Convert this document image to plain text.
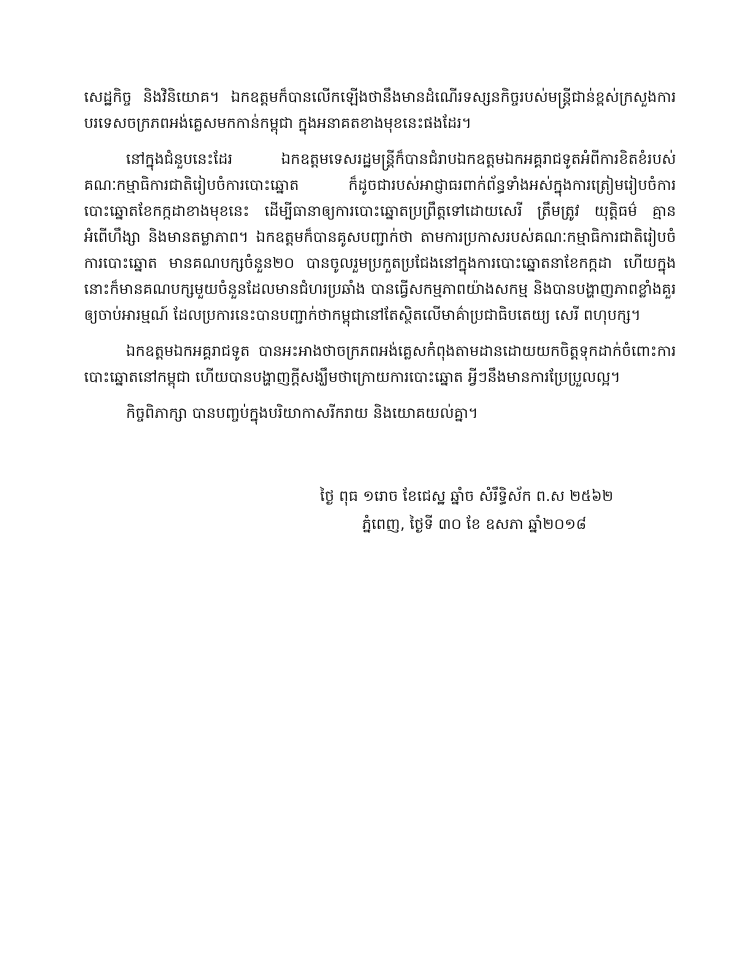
សេដ្ឋកិច្ច និងវិនិយោគ។ ឯកឧត្តមក៏បានលើកឡើងថានឹងមានដំណើរទស្សនកិច្ចរបស់មន្ត្រីជាន់ខ្ពស់ក្រសួងការបរទេសចក្រភពអង់គ្លេសមកកាន់កម្ពុជា ក្នុងអនាគតខាងមុខនេះផងដែរ។

នៅក្នុងជំនួបនេះដែរ ឯកឧត្តមទេសរដ្ឋមន្ត្រីក៏បានជំរាបឯកឧត្តមឯកអគ្គរាជទូតអំពីការខិតខំរបស់គណៈកម្មាធិការជាតិរៀបចំការបោះឆ្នោត ក៏ដូចជារបស់អាជ្ញាធរពាក់ព័ន្ធទាំងអស់ក្នុងការត្រៀមរៀបចំការបោះឆ្នោតខែកក្កដាខាងមុខនេះ ដើម្បីធានាឲ្យការបោះឆ្នោតប្រព្រឹត្តទៅដោយសេរី ត្រឹមត្រូវ យុត្តិធម៌ គ្មានអំពើហឹង្សា និងមានតម្លាភាព។ ឯកឧត្តមក៏បានគូសបញ្ជាក់ថា តាមការប្រកាសរបស់គណៈកម្មាធិការជាតិរៀបចំការបោះឆ្នោត មានគណបក្សចំនួន២០ បានចូលរួមប្រកួតប្រជែងនៅក្នុងការបោះឆ្នោតនាខែកក្កដា ហើយក្នុងនោះក៏មានគណបក្សមួយចំនួនដែលមានជំហរប្រឆាំង បានធ្វើសកម្មភាពយ៉ាងសកម្ម និងបានបង្ហាញភាពខ្លាំងគួរឲ្យចាប់អារម្មណ៍ ដែលប្រការនេះបានបញ្ជាក់ថាកម្ពុជានៅតែស្ថិតលើមាគ៌ាប្រជាធិបតេយ្យ សេរី ពហុបក្ស។

ឯកឧត្តមឯកអគ្គរាជទូត បានអះអាងថាចក្រភពអង់គ្លេសកំពុងតាមដានដោយយកចិត្តទុកដាក់ចំពោះការបោះឆ្នោតនៅកម្ពុជា ហើយបានបង្ហាញក្តីសង្ឃឹមថាក្រោយការបោះឆ្នោត អ្វីៗនឹងមានការប្រែប្រួលល្អ។

កិច្ចពិភាក្សា បានបញ្ចប់ក្នុងបរិយាកាសរីករាយ និងយោគយល់គ្នា។

ថ្ងៃ ពុធ ១រោច ខែជេស្ឋ ឆ្នាំច សំរឹទ្ធិស័ក ព.ស ២៥៦២
ភ្នំពេញ, ថ្ងៃទី ៣០ ខែ ឧសភា ឆ្នាំ២០១៨
